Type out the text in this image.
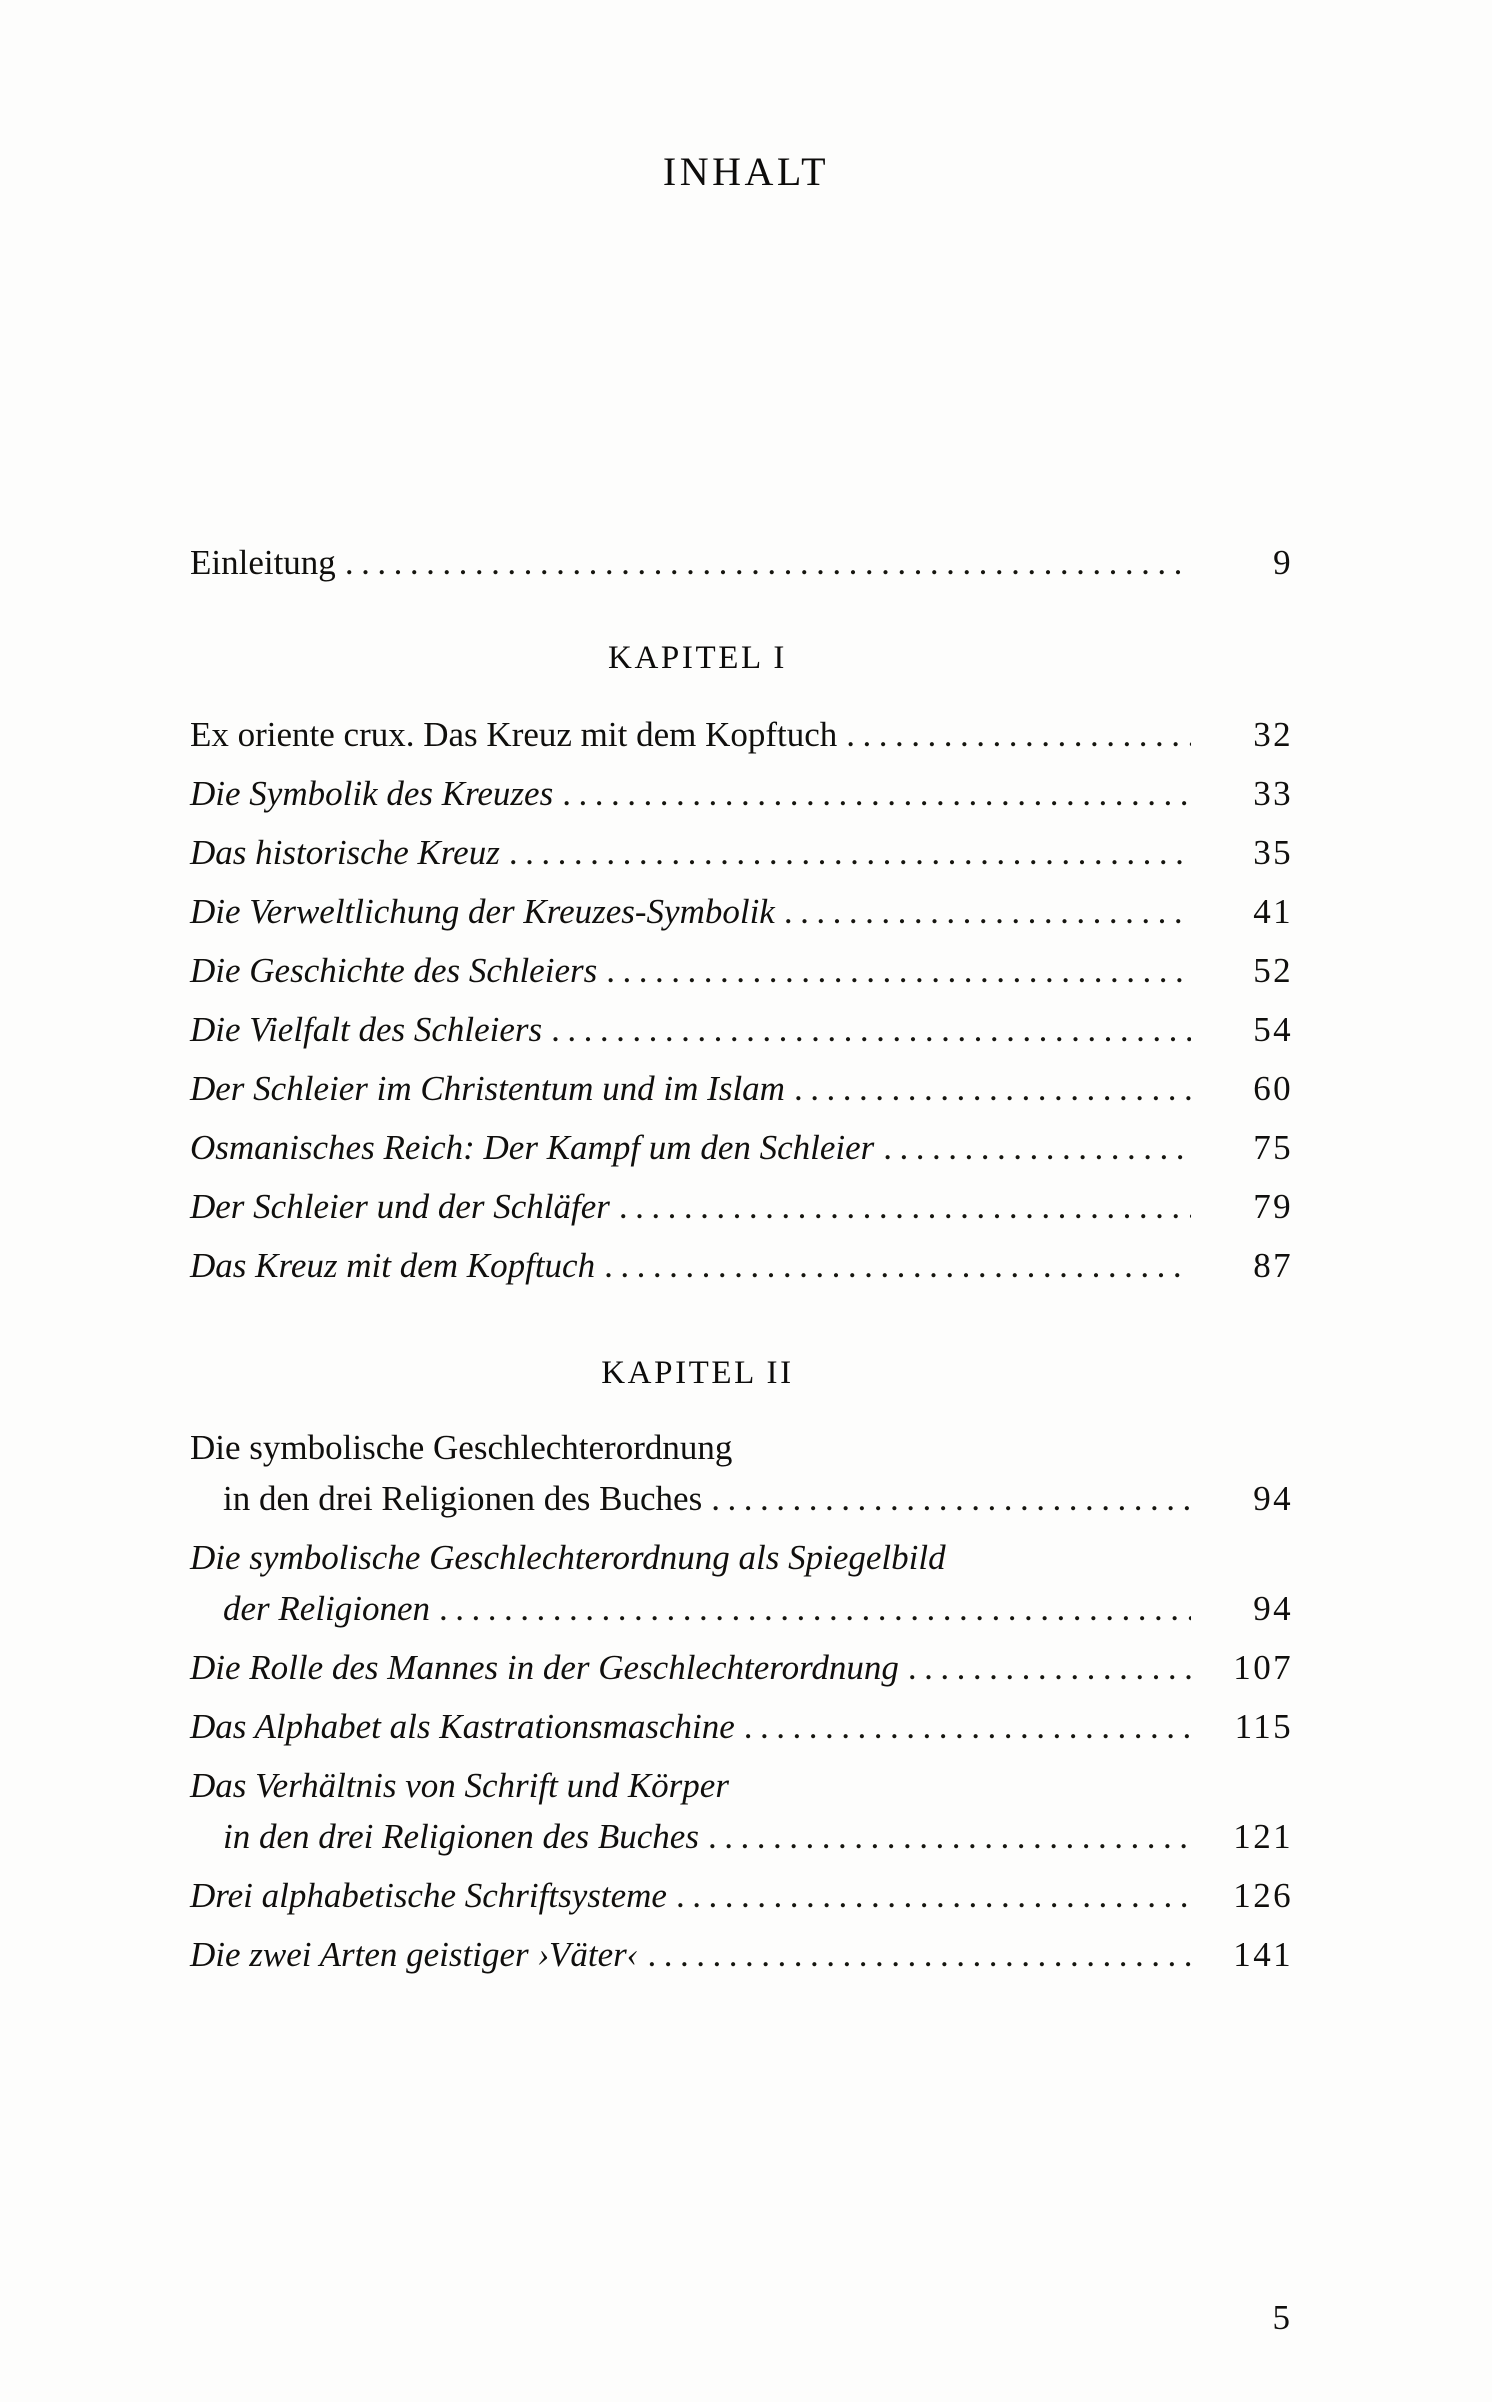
INHALT
Einleitung .....	9
KAPITEL I
Ex oriente crux. Das Kreuz mit dem Kopftuch .....	32
Die Symbolik des Kreuzes .....	33
Das historische Kreuz .....	35
Die Verweltlichung der Kreuzes-Symbolik .....	41
Die Geschichte des Schleiers .....	52
Die Vielfalt des Schleiers .....	54
Der Schleier im Christentum und im Islam .....	60
Osmanisches Reich: Der Kampf um den Schleier .....	75
Der Schleier und der Schläfer .....	79
Das Kreuz mit dem Kopftuch .....	87
KAPITEL II
Die symbolische Geschlechterordnung
in den drei Religionen des Buches .....	94
Die symbolische Geschlechterordnung als Spiegelbild
der Religionen .....	94
Die Rolle des Mannes in der Geschlechterordnung .....	107
Das Alphabet als Kastrationsmaschine .....	115
Das Verhältnis von Schrift und Körper
in den drei Religionen des Buches .....	121
Drei alphabetische Schriftsysteme .....	126
Die zwei Arten geistiger ›Väter‹ .....	141
5
